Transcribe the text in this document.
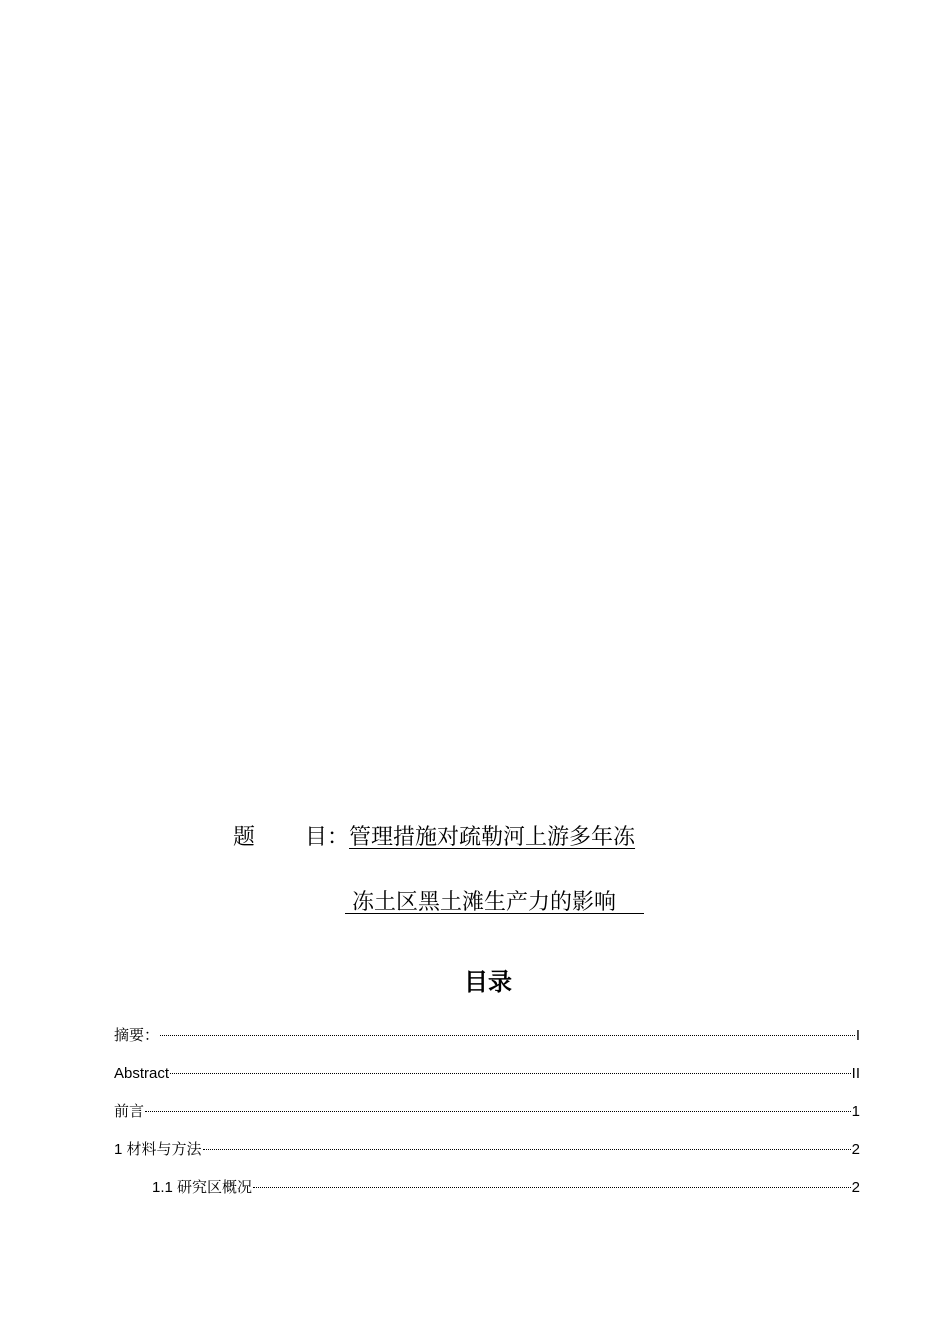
题 目：管理措施对疏勒河上游多年冻
冻土区黑土滩生产力的影响
目录
摘要：	I
Abstract	II
前言	1
1 材料与方法	2
1.1 研究区概况	2
